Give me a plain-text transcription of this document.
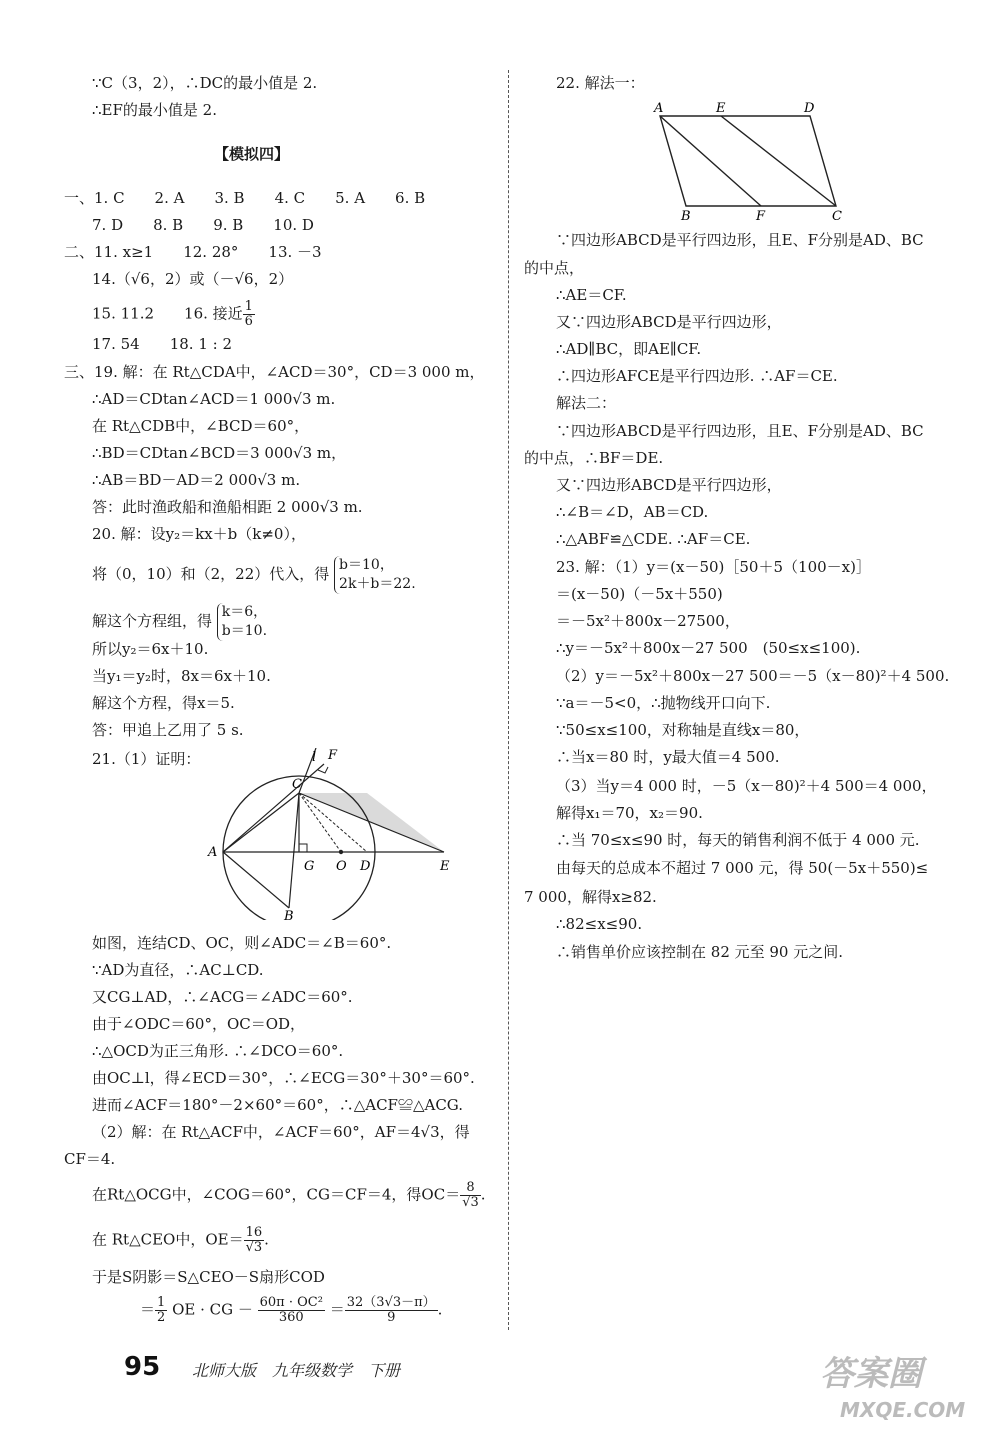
∵C（3，2），∴DC的最小值是 2.
∴EF的最小值是 2.
【模拟四】
一、1. C　　2. A　　3. B　　4. C　　5. A　　6. B
7. D　　8. B　　9. B　　10. D
二、11. x≥1　　12. 28°　　13. －3
14.（√6，2）或（－√6，2）
15. 11.2　　16. 接近 $\frac{1}{6}$
17. 54　　18. 1 : 2
三、19. 解：在 Rt△CDA中，∠ACD＝30°，CD＝3 000 m，
∴AD＝CDtan∠ACD＝1 000√3 m.
在 Rt△CDB中，∠BCD＝60°，
∴BD＝CDtan∠BCD＝3 000√3 m，
∴AB＝BD－AD＝2 000√3 m.
答：此时渔政船和渔船相距 2 000√3 m.
20. 解：设y₂＝kx＋b（k≠0），
将（0，10）和（2，22）代入，得 b＝10，
2k＋b＝22.
解这个方程组，得 k＝6，
b＝10.
所以y₂＝6x＋10.
当y₁＝y₂时，8x＝6x＋10.
解这个方程，得x＝5.
答：甲追上乙用了 5 s.
21.（1）证明：	l F
C
A
O
G	D	E
B
如图，连结CD、OC，则∠ADC＝∠B＝60°.
∵AD为直径，∴AC⊥CD.
又CG⊥AD，∴∠ACG＝∠ADC＝60°.
由于∠ODC＝60°，OC＝OD，
∴△OCD为正三角形. ∴∠DCO＝60°.
由OC⊥l，得∠ECD＝30°，∴∠ECG＝30°＋30°＝60°.
进而∠ACF＝180°－2×60°＝60°，∴△ACF≌△ACG.
（2）解：在 Rt△ACF中，∠ACF＝60°，AF＝4√3，得
CF＝4.
在Rt△OCG中，∠COG＝60°，CG＝CF＝4，得$OC= \frac{8}{√3}$ .
在 Rt△CEO中，$OE= \frac{16}{√3}$ .
于是S阴影＝S△CEO－S扇形COD
＝ $\frac{1}{2}$ OE · CG － $\frac{\text{60π · OC²}}{360} = \frac{32(3√3-\pi)}{9}$ .
22. 解法一：
A	E	D
B	F	C
∵四边形ABCD是平行四边形，且E、F分别是AD、BC
的中点，
∴AE＝CF.
又∵四边形ABCD是平行四边形，
∴AD∥BC，即AE∥CF.
∴四边形AFCE是平行四边形. ∴AF＝CE.
解法二：
∵四边形ABCD是平行四边形，且E、F分别是AD、BC
的中点，∴BF＝DE.
又∵四边形ABCD是平行四边形，
∴∠B＝∠D，AB＝CD.
∴△ABF≌△CDE. ∴AF＝CE.
23. 解：（1）y＝(x－50)［50＋5（100－x)］
＝(x－50)（－5x＋550)
＝－5x²＋800x－27500，
∴y＝－5x²＋800x－27 500　(50≤x≤100).
（2）y＝－5x²＋800x－27 500＝－5（x－80)²＋4 500.
∵a＝－5<0，∴抛物线开口向下.
∵50≤x≤100，对称轴是直线x＝80，
∴当x＝80 时，y最大值＝4 500.
（3）当y＝4 000 时，－5（x－80)²＋4 500＝4 000，
解得x₁＝70，x₂＝90.
∴当 70≤x≤90 时，每天的销售利润不低于 4 000 元.
由每天的总成本不超过 7 000 元，得 50(－5x＋550)≤
7 000，解得x≥82.
∴82≤x≤90.
∴销售单价应该控制在 82 元至 90 元之间.
95 北师大版　九年级数学　下册	答案圈
MXQE.COM
